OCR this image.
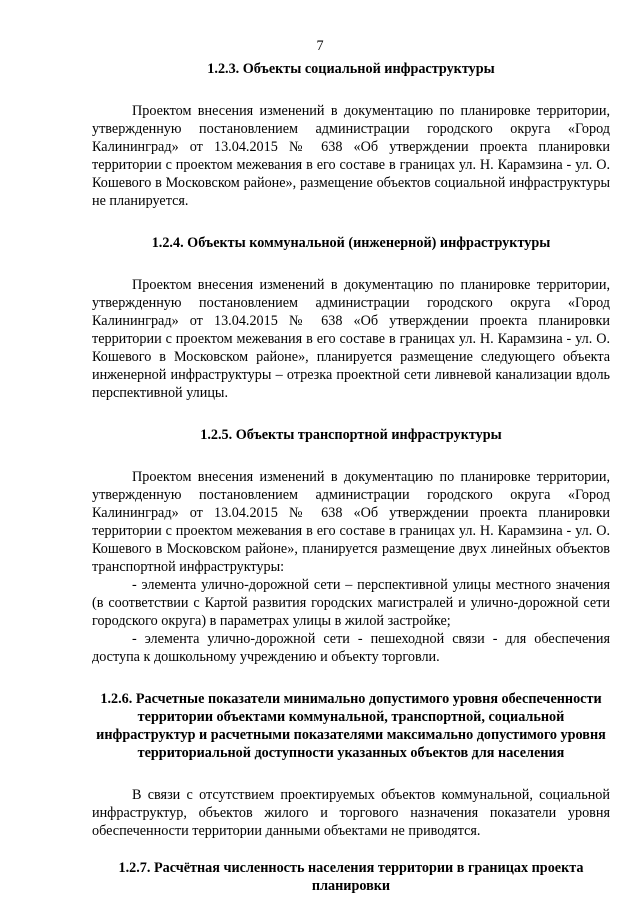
7
1.2.3. Объекты социальной инфраструктуры

Проектом внесения изменений в документацию по планировке территории, утвержденную постановлением администрации городского округа «Город Калининград» от 13.04.2015 № 638 «Об утверждении проекта планировки территории с проектом межевания в его составе в границах ул. Н. Карамзина - ул. О. Кошевого в Московском районе», размещение объектов социальной инфраструктуры не планируется.

1.2.4. Объекты коммунальной (инженерной) инфраструктуры

Проектом внесения изменений в документацию по планировке территории, утвержденную постановлением администрации городского округа «Город Калининград» от 13.04.2015 № 638 «Об утверждении проекта планировки территории с проектом межевания в его составе в границах ул. Н. Карамзина - ул. О. Кошевого в Московском районе», планируется размещение следующего объекта инженерной инфраструктуры – отрезка проектной сети ливневой канализации вдоль перспективной улицы.

1.2.5. Объекты транспортной инфраструктуры

Проектом внесения изменений в документацию по планировке территории, утвержденную постановлением администрации городского округа «Город Калининград» от 13.04.2015 № 638 «Об утверждении проекта планировки территории с проектом межевания в его составе в границах ул. Н. Карамзина - ул. О. Кошевого в Московском районе», планируется размещение двух линейных объектов транспортной инфраструктуры:

- элемента улично-дорожной сети – перспективной улицы местного значения (в соответствии с Картой развития городских магистралей и улично-дорожной сети городского округа) в параметрах улицы в жилой застройке;

- элемента улично-дорожной сети - пешеходной связи - для обеспечения доступа к дошкольному учреждению и объекту торговли.

1.2.6. Расчетные показатели минимально допустимого уровня обеспеченности территории объектами коммунальной, транспортной, социальной инфраструктур и расчетными показателями максимально допустимого уровня территориальной доступности указанных объектов для населения

В связи с отсутствием проектируемых объектов коммунальной, социальной инфраструктур, объектов жилого и торгового назначения показатели уровня обеспеченности территории данными объектами не приводятся.

1.2.7. Расчётная численность населения территории в границах проекта планировки
